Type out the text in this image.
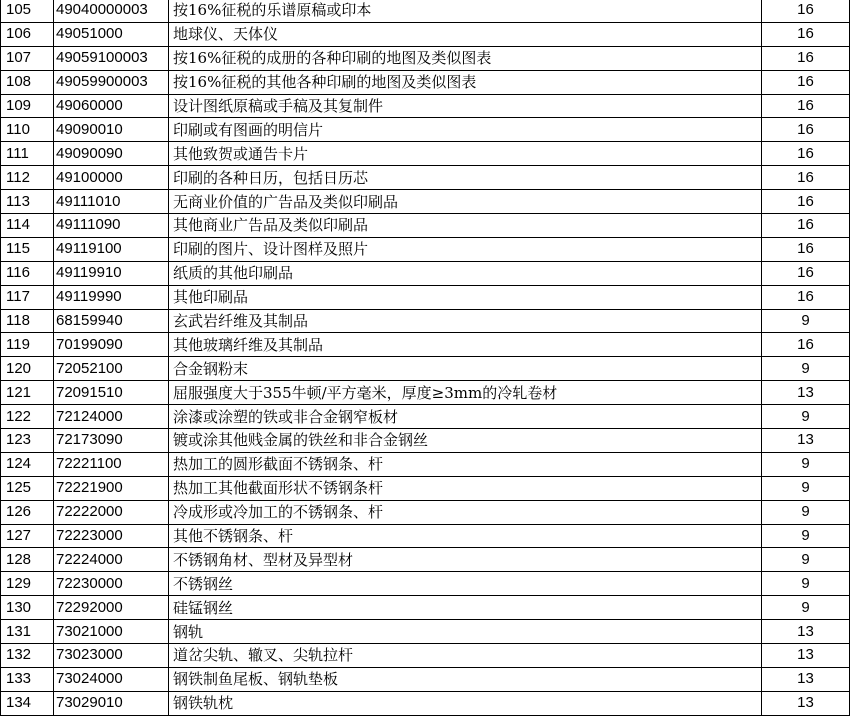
105	49040000003	按16%征税的乐谱原稿或印本	16
106	49051000	地球仪、天体仪	16
107	49059100003	按16%征税的成册的各种印刷的地图及类似图表	16
108	49059900003	按16%征税的其他各种印刷的地图及类似图表	16
109	49060000	设计图纸原稿或手稿及其复制件	16
110	49090010	印刷或有图画的明信片	16
111	49090090	其他致贺或通告卡片	16
112	49100000	印刷的各种日历，包括日历芯	16
113	49111010	无商业价值的广告品及类似印刷品	16
114	49111090	其他商业广告品及类似印刷品	16
115	49119100	印刷的图片、设计图样及照片	16
116	49119910	纸质的其他印刷品	16
117	49119990	其他印刷品	16
118	68159940	玄武岩纤维及其制品	9
119	70199090	其他玻璃纤维及其制品	16
120	72052100	合金钢粉末	9
121	72091510	屈服强度大于355牛顿/平方毫米，厚度≥3mm的冷轧卷材	13
122	72124000	涂漆或涂塑的铁或非合金钢窄板材	9
123	72173090	镀或涂其他贱金属的铁丝和非合金钢丝	13
124	72221100	热加工的圆形截面不锈钢条、杆	9
125	72221900	热加工其他截面形状不锈钢条杆	9
126	72222000	冷成形或冷加工的不锈钢条、杆	9
127	72223000	其他不锈钢条、杆	9
128	72224000	不锈钢角材、型材及异型材	9
129	72230000	不锈钢丝	9
130	72292000	硅锰钢丝	9
131	73021000	钢轨	13
132	73023000	道岔尖轨、辙叉、尖轨拉杆	13
133	73024000	钢铁制鱼尾板、钢轨垫板	13
134	73029010	钢铁轨枕	13
